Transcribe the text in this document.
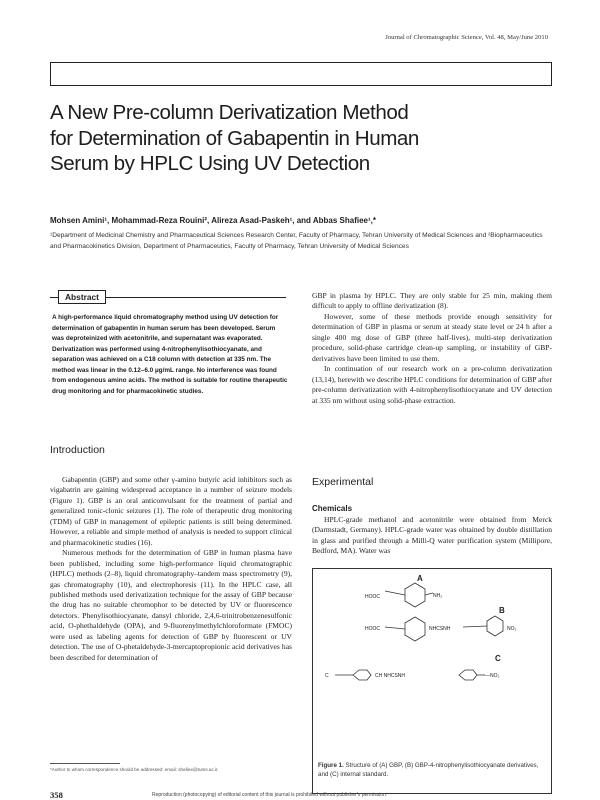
Journal of Chromatographic Science, Vol. 48, May/June 2010
A New Pre-column Derivatization Method
for Determination of Gabapentin in Human
Serum by HPLC Using UV Detection
Mohsen Amini¹, Mohammad-Reza Rouini², Alireza Asad-Paskeh¹, and Abbas Shafiee¹,*
¹Department of Medicinal Chemistry and Pharmaceutical Sciences Research Center, Faculty of Pharmacy, Tehran University of Medical Sciences and ²Biopharmaceutics and Pharmacokinetics Division, Department of Pharmaceutics, Faculty of Pharmacy, Tehran University of Medical Sciences
Abstract
A high-performance liquid chromatography method using UV detection for determination of gabapentin in human serum has been developed. Serum was deproteinized with acetonitrile, and supernatant was evaporated. Derivatization was performed using 4-nitrophenylisothiocyanate, and separation was achieved on a C18 column with detection at 335 nm. The method was linear in the 0.12–6.0 µg/mL range. No interference was found from endogenous amino acids. The method is suitable for routine therapeutic drug monitoring and for pharmacokinetic studies.
Introduction

Gabapentin (GBP) and some other γ-amino butyric acid inhibitors such as vigabatrin are gaining widespread acceptance in a number of seizure models (Figure 1). GBP is an oral anticonvulsant for the treatment of partial and generalized tonic-clonic seizures (1). The role of therapeutic drug monitoring (TDM) of GBP in management of epileptic patients is still being determined. However, a reliable and simple method of analysis is needed to support clinical and pharmacokinetic studies (16).

Numerous methods for the determination of GBP in human plasma have been published, including some high-performance liquid chromatographic (HPLC) methods (2–8), liquid chromatography–tandem mass spectrometry (9), gas chromatography (10), and electrophoresis (11). In the HPLC case, all published methods used derivatization technique for the assay of GBP because the drug has no suitable chromophor to be detected by UV or fluorescence detectors. Phenylisothiocyanate, dansyl chloride, 2,4,6-trinitrobenzenesulfonic acid, O-phethaldehyde (OPA), and 9-fluorenylmethylchloroformate (FMOC) were used as labeling agents for detection of GBP by fluorescent or UV detection. The use of O-phetaldehyde-3-mercaptopropionic acid derivatives has been described for determination of

GBP in plasma by HPLC. They are only stable for 25 min, making them difficult to apply to offline derivatization (8).

However, some of these methods provide enough sensitivity for determination of GBP in plasma or serum at steady state level or 24 h after a single 400 mg dose of GBP (three half-lives), multi-step derivatization procedure, solid-phase cartridge clean-up sampling, or instability of GBP-derivatives have been limited to use them.

In continuation of our research work on a pre-column derivatization (13,14), herewith we describe HPLC conditions for determination of GBP after pre-column derivatization with 4-nitrophenylisothiocyanate and UV detection at 335 nm without using solid-phase extraction.

Experimental
Chemicals

HPLC-grade methanol and acetonitrile were obtained from Merck (Darmstadt, Germany). HPLC-grade water was obtained by double distillation in glass and purified through a Milli-Q water purification system (Millipore, Bedford, MA). Water was

A
HOOC	NH₂
B
HOOC	NHCSNH	NO₂
C
C	CH NHCSNH	—NO₂
Figure 1. Structure of (A) GBP, (B) GBP-4-nitrophenylisothiocyanate derivatives, and (C) internal standard.
*Author to whom correspondence should be addressed: email: shafiee@tums.ac.ir.
358	Reproduction (photocopying) of editorial content of this journal is prohibited without publisher's permission.
